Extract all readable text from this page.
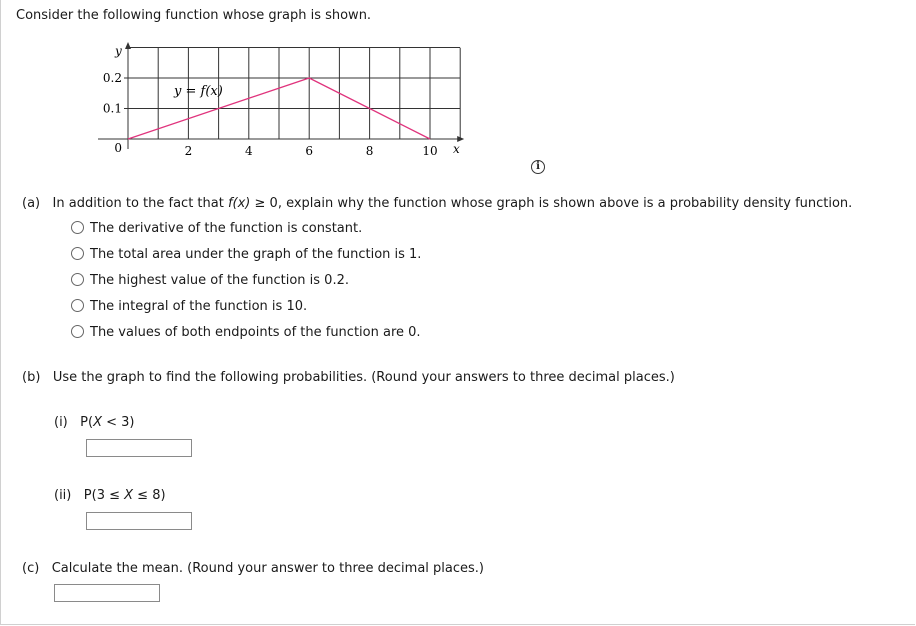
Consider the following function whose graph is shown.
y
x
y = f(x)
0.2
0.1
0	2	4	6	8	10
i
(a) In addition to the fact that f(x) ≥ 0, explain why the function whose graph is shown above is a probability density function.
The derivative of the function is constant.
The total area under the graph of the function is 1.
The highest value of the function is 0.2.
The integral of the function is 10.
The values of both endpoints of the function are 0.
(b) Use the graph to find the following probabilities. (Round your answers to three decimal places.)
(i) P(X < 3)
(ii) P(3 ≤ X ≤ 8)
(c) Calculate the mean. (Round your answer to three decimal places.)
